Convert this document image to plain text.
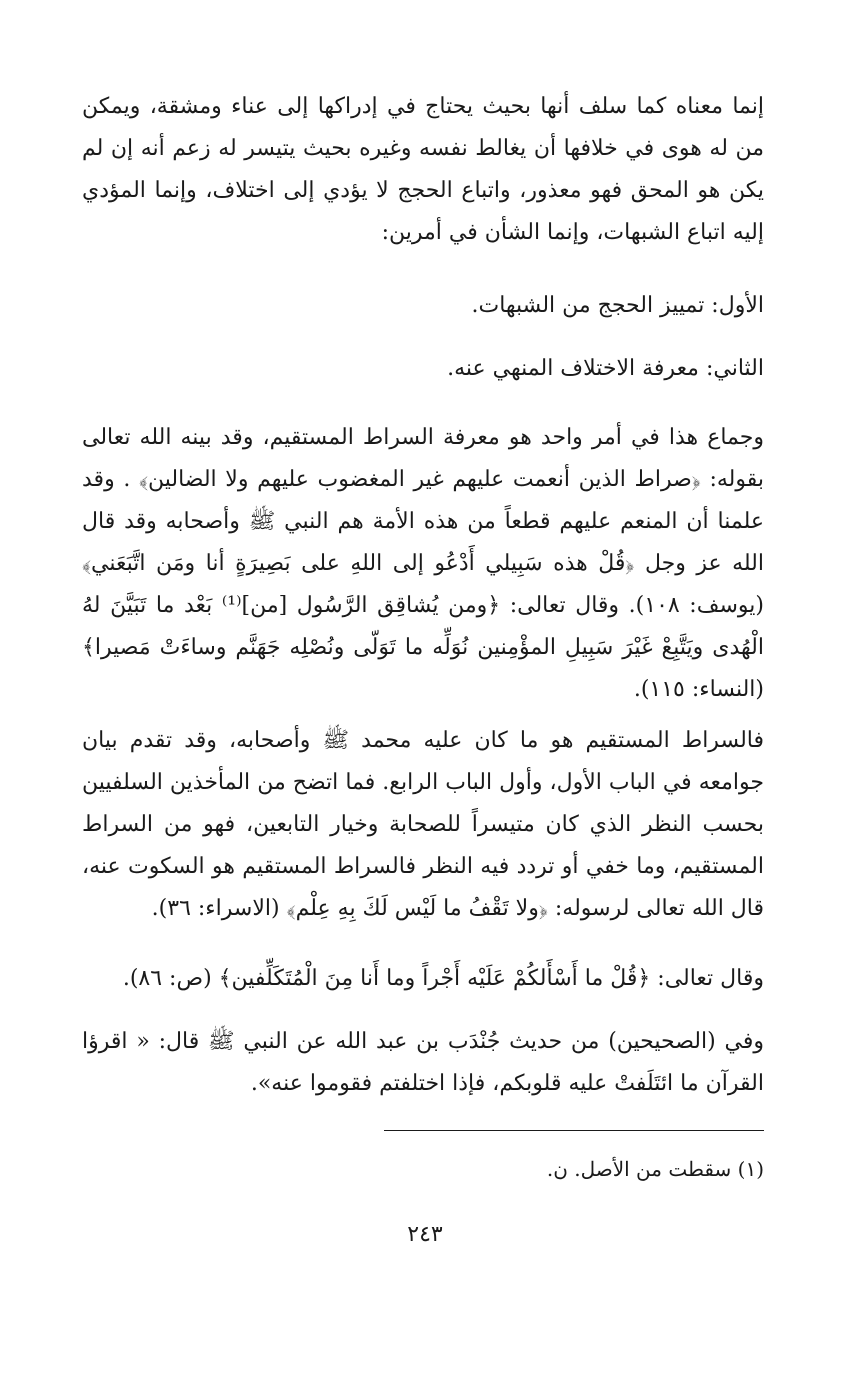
إنما معناه كما سلف أنها بحيث يحتاج في إدراكها إلى عناء ومشقة، ويمكن من له هوى في خلافها أن يغالط نفسه وغيره بحيث يتيسر له زعم أنه إن لم يكن هو المحق فهو معذور، واتباع الحجج لا يؤدي إلى اختلاف، وإنما المؤدي إليه اتباع الشبهات، وإنما الشأن في أمرين:

الأول: تمييز الحجج من الشبهات.

الثاني: معرفة الاختلاف المنهي عنه.

وجماع هذا في أمر واحد هو معرفة السراط المستقيم، وقد بينه الله تعالى بقوله: ﴿صراط الذين أنعمت عليهم غير المغضوب عليهم ولا الضالين﴾ . وقد علمنا أن المنعم عليهم قطعاً من هذه الأمة هم النبي ﷺ وأصحابه وقد قال الله عز وجل ﴿قُلْ هذه سَبِيلي أَدْعُو إلى اللهِ على بَصِيرَةٍ أنا ومَن اتَّبَعَني﴾ (يوسف: ١٠٨). وقال تعالى: ﴿ومن يُشاقِق الرَّسُول [من]⁽¹⁾ بَعْد ما تَبَيَّنَ لهُ الْهُدى ويَتَّبِعْ غَيْرَ سَبِيلِ المؤْمِنين نُوَلِّه ما تَوَلّى ونُصْلِه جَهَنَّم وساءَتْ مَصيرا﴾ (النساء: ١١٥).

فالسراط المستقيم هو ما كان عليه محمد ﷺ وأصحابه، وقد تقدم بيان جوامعه في الباب الأول، وأول الباب الرابع. فما اتضح من المأخذين السلفيين بحسب النظر الذي كان متيسراً للصحابة وخيار التابعين، فهو من السراط المستقيم، وما خفي أو تردد فيه النظر فالسراط المستقيم هو السكوت عنه، قال الله تعالى لرسوله: ﴿ولا تَقْفُ ما لَيْس لَكَ بِهِ عِلْم﴾ (الاسراء: ٣٦).

وقال تعالى: ﴿قُلْ ما أَسْأَلكُمْ عَلَيْه أَجْراً وما أَنا مِنَ الْمُتَكَلِّفين﴾ (ص: ٨٦).

وفي (الصحيحين) من حديث جُنْدَب بن عبد الله عن النبي ﷺ قال: « اقرؤا القرآن ما ائتَلَفتْ عليه قلوبكم، فإذا اختلفتم فقوموا عنه».

(١) سقطت من الأصل. ن.

٢٤٣
